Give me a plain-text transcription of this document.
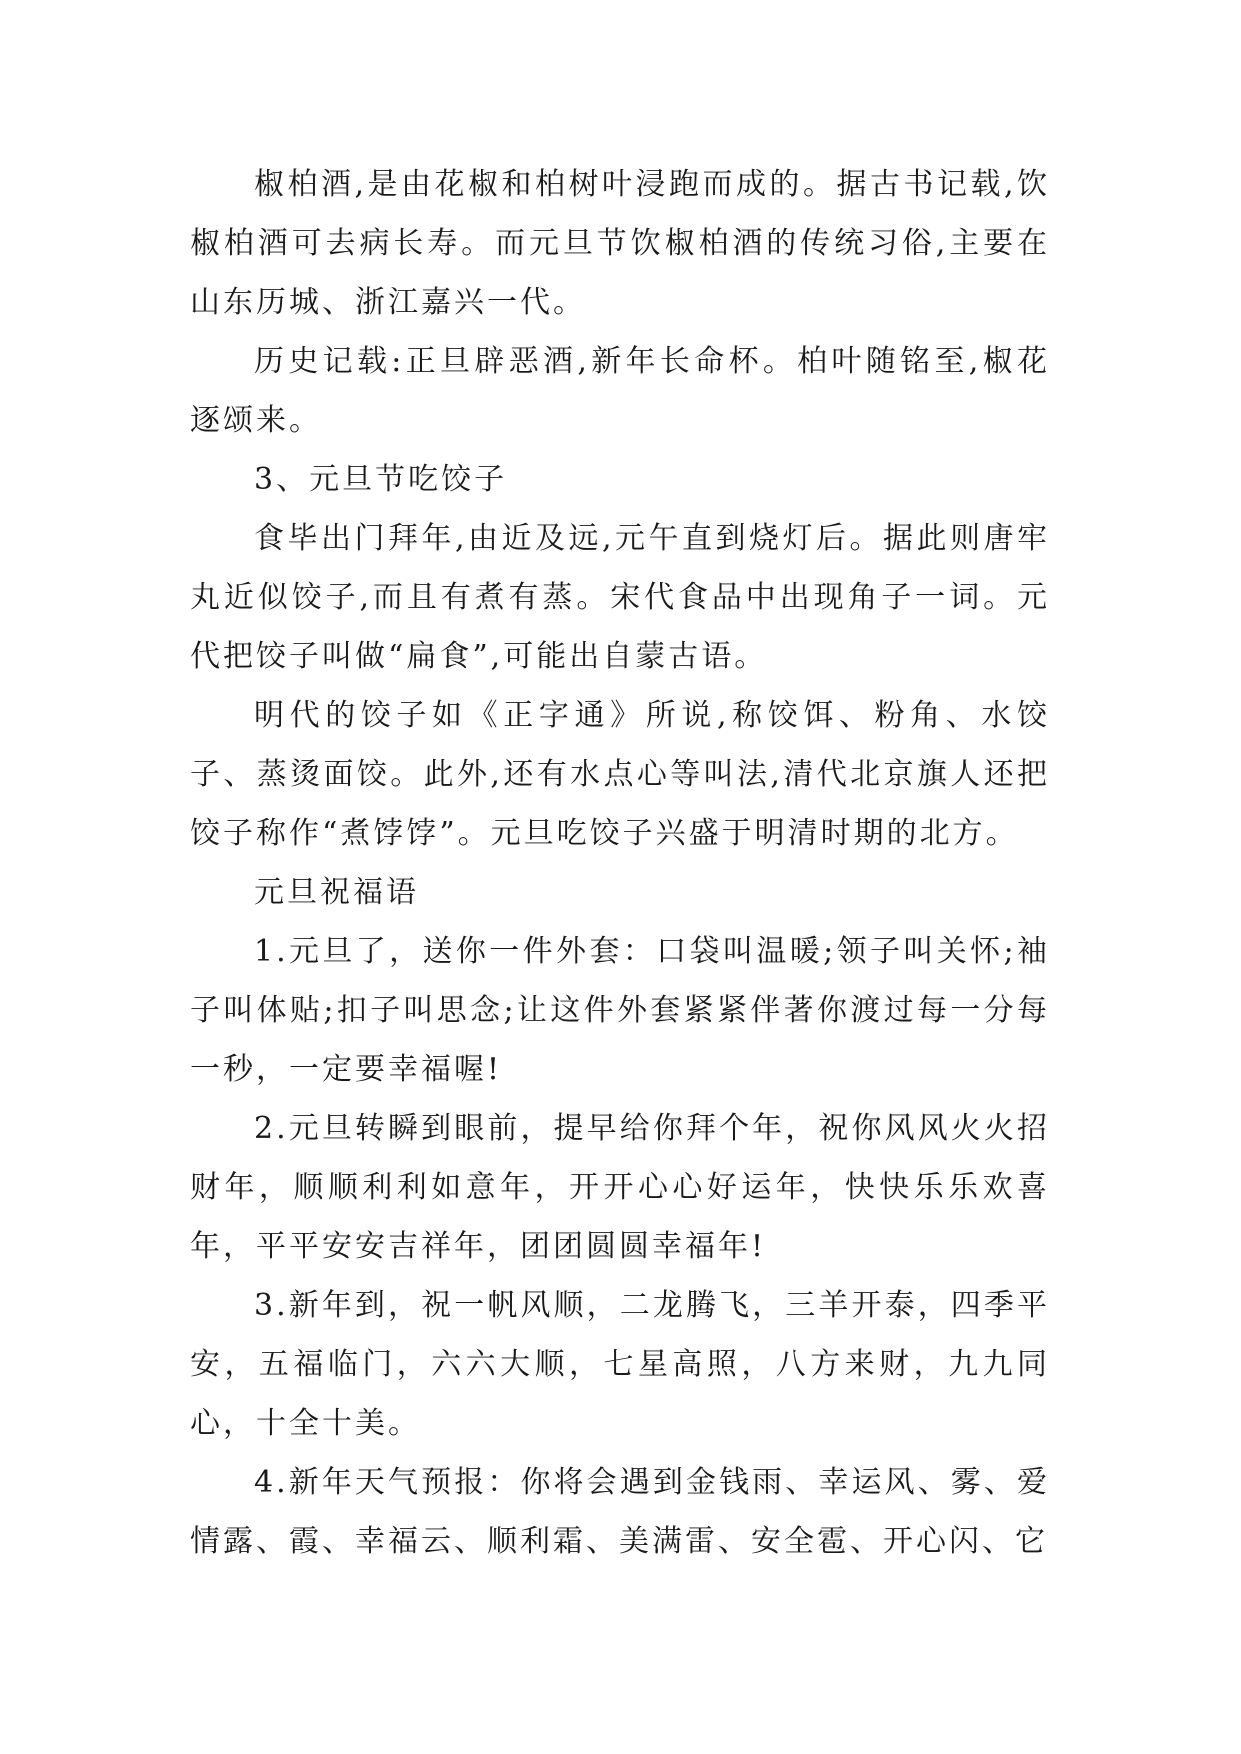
椒柏酒,是由花椒和柏树叶浸跑而成的。据古书记载,饮椒柏酒可去病长寿。而元旦节饮椒柏酒的传统习俗,主要在山东历城、浙江嘉兴一代。

历史记载:正旦辟恶酒,新年长命杯。柏叶随铭至,椒花逐颂来。

3、元旦节吃饺子

食毕出门拜年,由近及远,元午直到烧灯后。据此则唐牢丸近似饺子,而且有煮有蒸。宋代食品中出现角子一词。元代把饺子叫做“扁食”,可能出自蒙古语。

明代的饺子如《正字通》所说,称饺饵、粉角、水饺子、蒸烫面饺。此外,还有水点心等叫法,清代北京旗人还把饺子称作“煮饽饽”。元旦吃饺子兴盛于明清时期的北方。

元旦祝福语

1.元旦了，送你一件外套：口袋叫温暖;领子叫关怀;袖子叫体贴;扣子叫思念;让这件外套紧紧伴著你渡过每一分每一秒，一定要幸福喔!

2.元旦转瞬到眼前，提早给你拜个年，祝你风风火火招财年，顺顺利利如意年，开开心心好运年，快快乐乐欢喜年，平平安安吉祥年，团团圆圆幸福年!

3.新年到，祝一帆风顺，二龙腾飞，三羊开泰，四季平安，五福临门，六六大顺，七星高照，八方来财，九九同心，十全十美。

4.新年天气预报：你将会遇到金钱雨、幸运风、雾、爱情露、霞、幸福云、顺利霜、美满雷、安全雹、开心闪、它
